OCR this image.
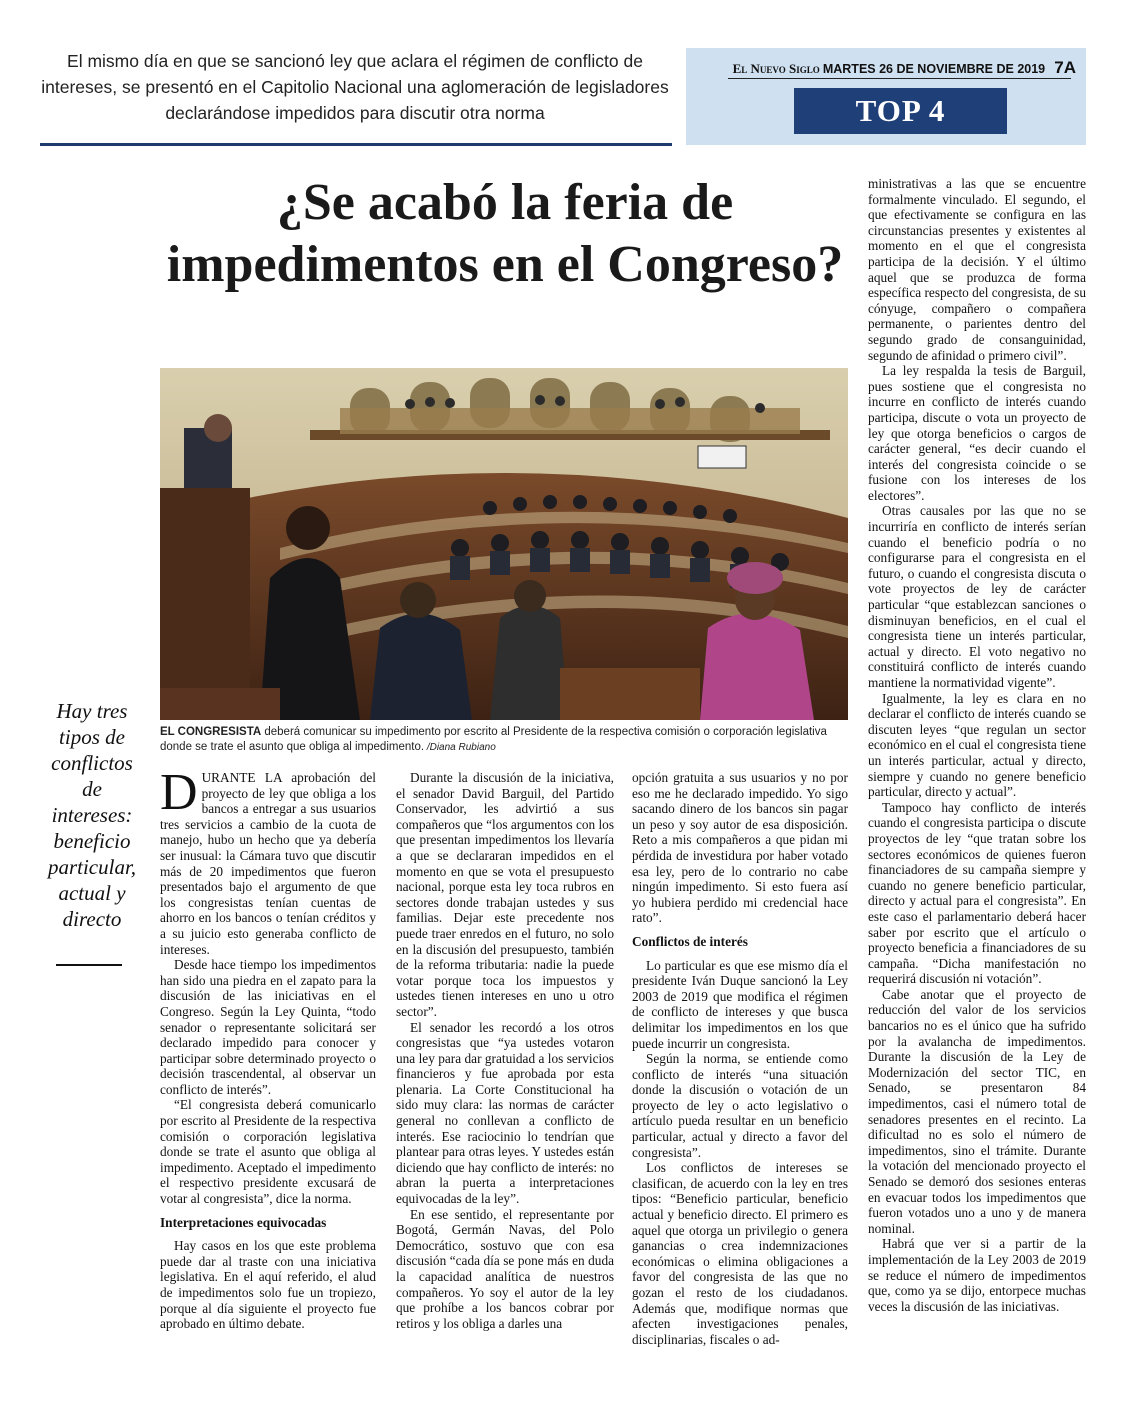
El mismo día en que se sancionó ley que aclara el régimen de conflicto de intereses, se presentó en el Capitolio Nacional una aglomeración de legisladores declarándose impedidos para discutir otra norma
El Nuevo Siglo MARTES 26 DE NOVIEMBRE DE 2019 7A
TOP 4
¿Se acabó la feria de impedimentos en el Congreso?
EL CONGRESISTA deberá comunicar su impedimento por escrito al Presidente de la respectiva comisión o corporación legislativa donde se trate el asunto que obliga al impedimento. /Diana Rubiano
Hay tres tipos de conflictos de intereses: beneficio particular, actual y directo

DURANTE LA aprobación del proyecto de ley que obliga a los bancos a entregar a sus usuarios tres servicios a cambio de la cuota de manejo, hubo un hecho que ya debería ser inusual: la Cámara tuvo que discutir más de 20 impedimentos que fueron presentados bajo el argumento de que los congresistas tenían cuentas de ahorro en los bancos o tenían créditos y a su juicio esto generaba conflicto de intereses.

Desde hace tiempo los impedimentos han sido una piedra en el zapato para la discusión de las iniciativas en el Congreso. Según la Ley Quinta, “todo senador o representante solicitará ser declarado impedido para conocer y participar sobre determinado proyecto o decisión trascendental, al observar un conflicto de interés”.

“El congresista deberá comunicarlo por escrito al Presidente de la respectiva comisión o corporación legislativa donde se trate el asunto que obliga al impedimento. Aceptado el impedimento el respectivo presidente excusará de votar al congresista”, dice la norma.

Interpretaciones equivocadas

Hay casos en los que este problema puede dar al traste con una iniciativa legislativa. En el aquí referido, el alud de impedimentos solo fue un tropiezo, porque al día siguiente el proyecto fue aprobado en último debate.

Durante la discusión de la iniciativa, el senador David Barguil, del Partido Conservador, les advirtió a sus compañeros que “los argumentos con los que presentan impedimentos los llevaría a que se declararan impedidos en el momento en que se vota el presupuesto nacional, porque esta ley toca rubros en sectores donde trabajan ustedes y sus familias. Dejar este precedente nos puede traer enredos en el futuro, no solo en la discusión del presupuesto, también de la reforma tributaria: nadie la puede votar porque toca los impuestos y ustedes tienen intereses en uno u otro sector”.

El senador les recordó a los otros congresistas que “ya ustedes votaron una ley para dar gratuidad a los servicios financieros y fue aprobada por esta plenaria. La Corte Constitucional ha sido muy clara: las normas de carácter general no conllevan a conflicto de interés. Ese raciocinio lo tendrían que plantear para otras leyes. Y ustedes están diciendo que hay conflicto de interés: no abran la puerta a interpretaciones equivocadas de la ley”.

En ese sentido, el representante por Bogotá, Germán Navas, del Polo Democrático, sostuvo que con esa discusión “cada día se pone más en duda la capacidad analítica de nuestros compañeros. Yo soy el autor de la ley que prohíbe a los bancos cobrar por retiros y los obliga a darles una

opción gratuita a sus usuarios y no por eso me he declarado impedido. Yo sigo sacando dinero de los bancos sin pagar un peso y soy autor de esa disposición. Reto a mis compañeros a que pidan mi pérdida de investidura por haber votado esa ley, pero de lo contrario no cabe ningún impedimento. Si esto fuera así yo hubiera perdido mi credencial hace rato”.

Conflictos de interés

Lo particular es que ese mismo día el presidente Iván Duque sancionó la Ley 2003 de 2019 que modifica el régimen de conflicto de intereses y que busca delimitar los impedimentos en los que puede incurrir un congresista.

Según la norma, se entiende como conflicto de interés “una situación donde la discusión o votación de un proyecto de ley o acto legislativo o artículo pueda resultar en un beneficio particular, actual y directo a favor del congresista”.

Los conflictos de intereses se clasifican, de acuerdo con la ley en tres tipos: “Beneficio particular, beneficio actual y beneficio directo. El primero es aquel que otorga un privilegio o genera ganancias o crea indemnizaciones económicas o elimina obligaciones a favor del congresista de las que no gozan el resto de los ciudadanos. Además que, modifique normas que afecten investigaciones penales, disciplinarias, fiscales o ad-

ministrativas a las que se encuentre formalmente vinculado. El segundo, el que efectivamente se configura en las circunstancias presentes y existentes al momento en el que el congresista participa de la decisión. Y el último aquel que se produzca de forma específica respecto del congresista, de su cónyuge, compañero o compañera permanente, o parientes dentro del segundo grado de consanguinidad, segundo de afinidad o primero civil”.

La ley respalda la tesis de Barguil, pues sostiene que el congresista no incurre en conflicto de interés cuando participa, discute o vota un proyecto de ley que otorga beneficios o cargos de carácter general, “es decir cuando el interés del congresista coincide o se fusione con los intereses de los electores”.

Otras causales por las que no se incurriría en conflicto de interés serían cuando el beneficio podría o no configurarse para el congresista en el futuro, o cuando el congresista discuta o vote proyectos de ley de carácter particular “que establezcan sanciones o disminuyan beneficios, en el cual el congresista tiene un interés particular, actual y directo. El voto negativo no constituirá conflicto de interés cuando mantiene la normatividad vigente”.

Igualmente, la ley es clara en no declarar el conflicto de interés cuando se discuten leyes “que regulan un sector económico en el cual el congresista tiene un interés particular, actual y directo, siempre y cuando no genere beneficio particular, directo y actual”.

Tampoco hay conflicto de interés cuando el congresista participa o discute proyectos de ley “que tratan sobre los sectores económicos de quienes fueron financiadores de su campaña siempre y cuando no genere beneficio particular, directo y actual para el congresista”. En este caso el parlamentario deberá hacer saber por escrito que el artículo o proyecto beneficia a financiadores de su campaña. “Dicha manifestación no requerirá discusión ni votación”.

Cabe anotar que el proyecto de reducción del valor de los servicios bancarios no es el único que ha sufrido por la avalancha de impedimentos. Durante la discusión de la Ley de Modernización del sector TIC, en Senado, se presentaron 84 impedimentos, casi el número total de senadores presentes en el recinto. La dificultad no es solo el número de impedimentos, sino el trámite. Durante la votación del mencionado proyecto el Senado se demoró dos sesiones enteras en evacuar todos los impedimentos que fueron votados uno a uno y de manera nominal.

Habrá que ver si a partir de la implementación de la Ley 2003 de 2019 se reduce el número de impedimentos que, como ya se dijo, entorpece muchas veces la discusión de las iniciativas.
